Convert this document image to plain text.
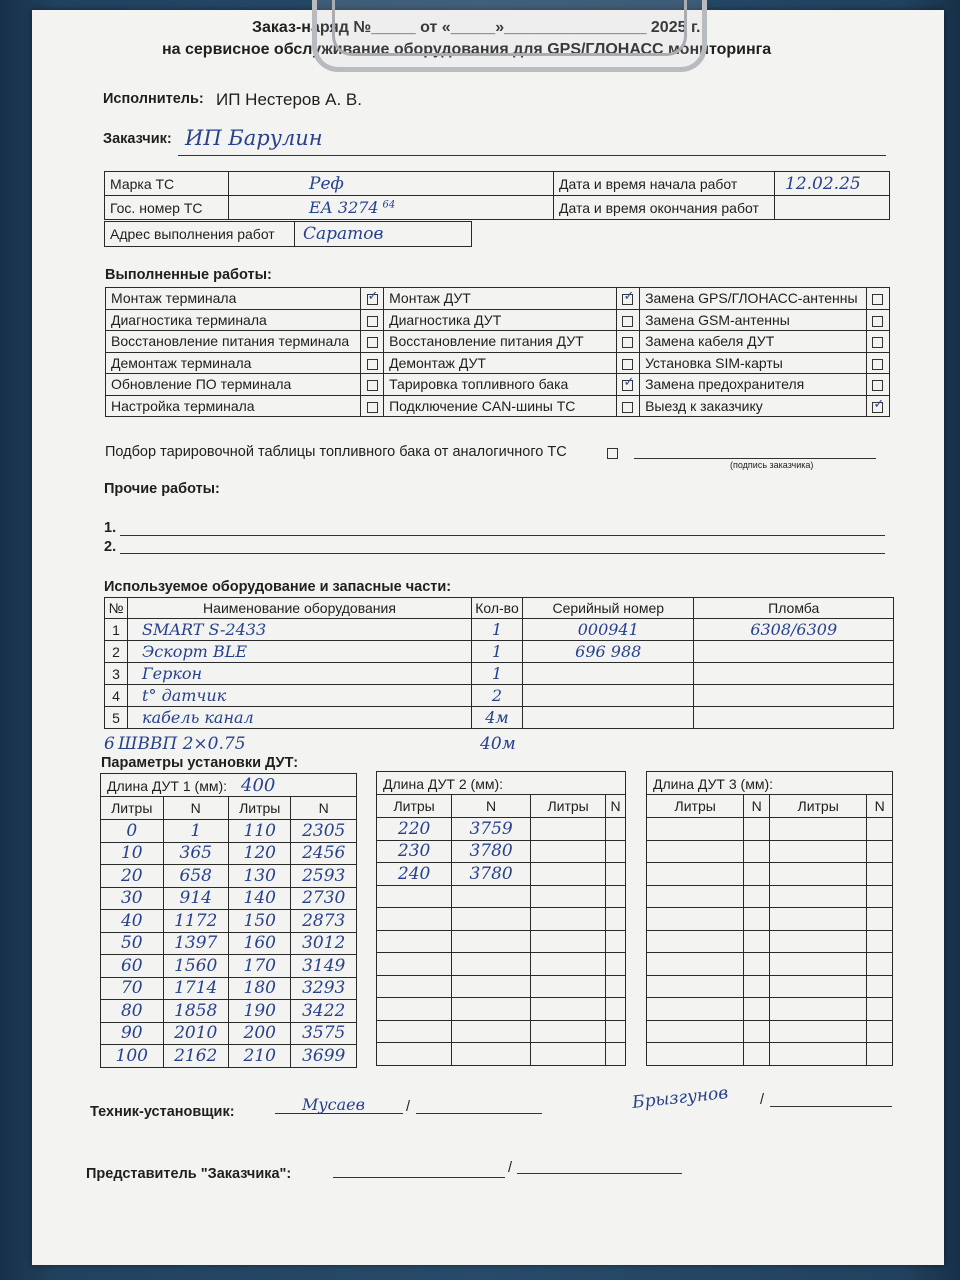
Заказ-наряд №_____ от «_____»________________ 2025 г.
на сервисное обслуживание оборудования для GPS/ГЛОНАСС мониторинга
Исполнитель: ИП Нестеров А. В.
Заказчик: ИП Барулин
Марка ТС	Реф	Дата и время начала работ	12.02.25
Гос. номер ТС	ЕА 3274 $^{64}$	Дата и время окончания работ	
Адрес выполнения работ	Саратов
Выполненные работы:
Монтаж терминала	✓	Монтаж ДУТ	✓	Замена GPS/ГЛОНАСС-антенны	
Диагностика терминала		Диагностика ДУТ		Замена GSM-антенны	
Восстановление питания терминала		Восстановление питания ДУТ		Замена кабеля ДУТ	
Демонтаж терминала		Демонтаж ДУТ		Установка SIM-карты	
Обновление ПО терминала		Тарировка топливного бака	✓	Замена предохранителя	
Настройка терминала		Подключение CAN-шины ТС		Выезд к заказчику	✓
Подбор тарировочной таблицы топливного бака от аналогичного ТС
(подпись заказчика)
Прочие работы:
1.
2.
Используемое оборудование и запасные части:
№	Наименование оборудования	Кол-во	Серийный номер	Пломба
1	SMART S-2433	1	000941	6308/6309
2	Эскорт BLE	1	696 988	
3	Геркон	1		
4	t° датчик	2		
5	кабель канал	4м		
6 ШВВП 2×0.75	40м
Параметры установки ДУТ:
Длина ДУТ 1 (мм): 400			
Литры	N	Литры	N
0	1	110	2305
10	365	120	2456
20	658	130	2593
30	914	140	2730
40	1172	150	2873
50	1397	160	3012
60	1560	170	3149
70	1714	180	3293
80	1858	190	3422
90	2010	200	3575
100	2162	210	3699
Длина ДУТ 2 (мм):			
Литры	N	Литры	N
220	3759		
230	3780		
240	3780		

Длина ДУТ 3 (мм):			
Литры	N	Литры	N

Техник-установщик:	Мусаев	/	Брызгунов /
Представитель "Заказчика":	/
